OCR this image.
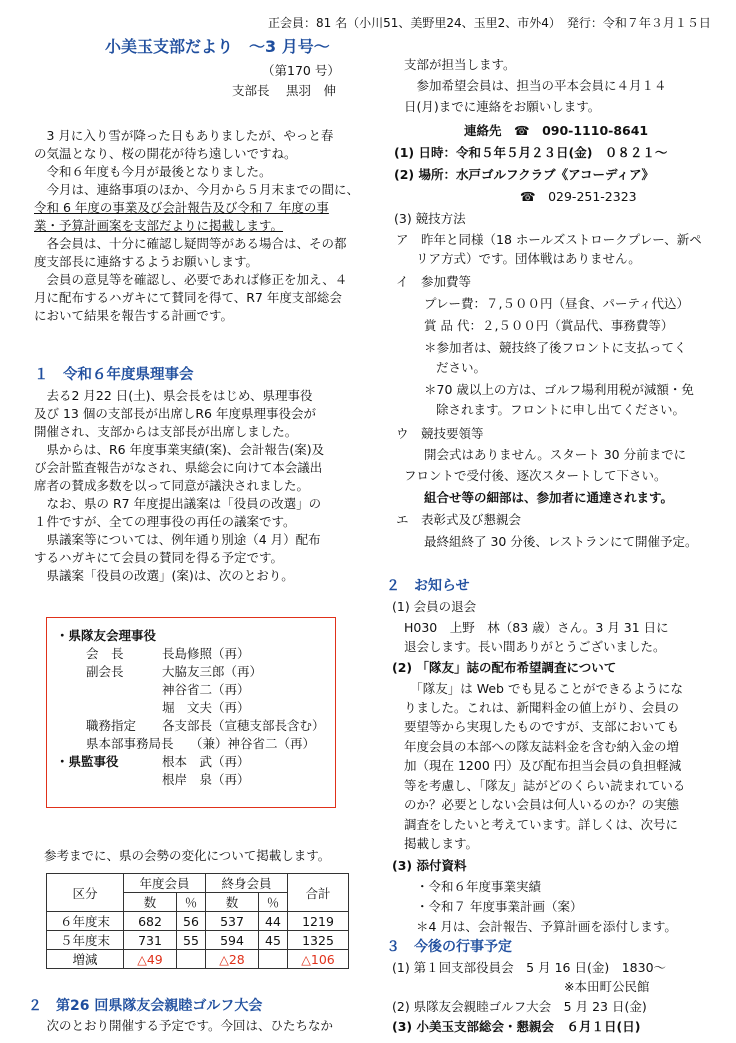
正会員：81 名（小川51、美野里24、玉里2、市外4）　発行：令和７年３月１５日
小美玉支部だより　～3 月号～
（第170 号）
支部長　 黒羽　伸
　3 月に入り雪が降った日もありましたが、やっと春
の気温となり、桜の開花が待ち遠しいですね。
　令和６年度も今月が最後となりました。
　今月は、連絡事項のほか、今月から５月末までの間に、
令和 6 年度の事業及び会計報告及び令和７ 年度の事
業・予算計画案を支部だよりに掲載します。
　各会員は、十分に確認し疑問等がある場合は、その都
度支部長に連絡するようお願いします。
　会員の意見等を確認し、必要であれば修正を加え、４
月に配布するハガキにて賛同を得て、R7 年度支部総会
において結果を報告する計画です。
１　令和６年度県理事会
　去る2 月22 日(土)、県会長をはじめ、県理事役
及び 13 個の支部長が出席しR6 年度県理事役会が
開催され、支部からは支部長が出席しました。
　県からは、R6 年度事業実績(案)、会計報告(案)及
び会計監査報告がなされ、県総会に向けて本会議出
席者の賛成多数を以って同意が議決されました。
　なお、県の R7 年度提出議案は「役員の改選」の
１件ですが、全ての理事役の再任の議案です。
　県議案等については、例年通り別途（4 月）配布
するハガキにて会員の賛同を得る予定です。
　県議案「役員の改選」(案)は、次のとおり。
・県隊友会理事役
会　長	長島修照（再）
副会長	大脇友三郎（再）
神谷省二（再）
堀　文夫（再）
職務指定 各支部長（宣穂支部長含む）
県本部事務局長 （兼）神谷省二（再）
・県監事役	根本　武（再）
根岸　泉（再）
参考までに、県の会勢の変化について掲載します。
区分	年度会員		終身会員		合計
	数	％	数	％	
６年度末	682	56	537	44	1219
５年度末	731	55	594	45	1325
増減	△49		△28		△106
２　第26 回県隊友会親睦ゴルフ大会
　次のとおり開催する予定です。今回は、ひたちなか
支部が担当します。
　参加希望会員は、担当の平本会員に４月１４
日(月)までに連絡をお願いします。
連絡先　☎　090-1110-8641
(1) 日時：令和５年５月２３日(金)　０８２１～
(2) 場所：水戸ゴルフクラブ《アコーディア》
☎　029-251-2323
(3) 競技方法
ア　昨年と同様（18 ホールズストロークプレー、新ペ
リア方式）です。団体戦はありません。
イ　参加費等
プレー費：７,５００円（昼食、パーティ代込）
賞 品 代：２,５００円（賞品代、事務費等）
＊参加者は、競技終了後フロントに支払ってく
ださい。
＊70 歳以上の方は、ゴルフ場利用税が減額・免
除されます。フロントに申し出てください。
ウ　競技要領等
開会式はありません。スタート 30 分前までに
フロントで受付後、逐次スタートして下さい。
組合せ等の細部は、参加者に通達されます。
エ　表彰式及び懇親会
最終組終了 30 分後、レストランにて開催予定。
２　お知らせ
(1) 会員の退会
H030　上野　林（83 歳）さん。3 月 31 日に
退会します。長い間ありがとうございました。
(2) 「隊友」誌の配布希望調査について
　「隊友」は Web でも見ることができるようにな
りました。これは、新聞料金の値上がり、会員の
要望等から実現したものですが、支部においても
年度会員の本部への隊友誌料金を含む納入金の増
加（現在 1200 円）及び配布担当会員の負担軽減
等を考慮し、「隊友」誌がどのくらい読まれている
のか？必要としない会員は何人いるのか？の実態
調査をしたいと考えています。詳しくは、次号に
掲載します。
(3) 添付資料
・令和６年度事業実績
・令和７ 年度事業計画（案）
＊4 月は、会計報告、予算計画を添付します。
３　今後の行事予定
(1) 第１回支部役員会　5 月 16 日(金)　1830～
※本田町公民館
(2) 県隊友会親睦ゴルフ大会　5 月 23 日(金)
(3) 小美玉支部総会・懇親会　６月１日(日)
